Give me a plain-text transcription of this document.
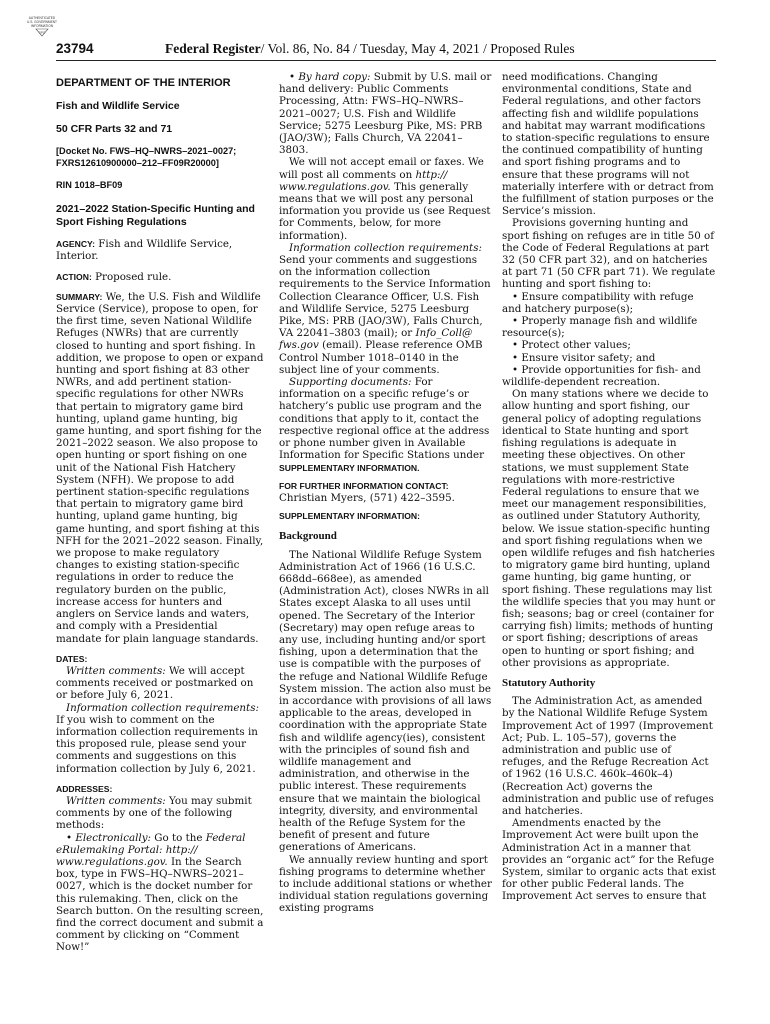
AUTHENTICATED
U.S. GOVERNMENT
INFORMATION
GPO
23794	Federal Register/ Vol. 86, No. 84 / Tuesday, May 4, 2021 / Proposed Rules
DEPARTMENT OF THE INTERIOR
Fish and Wildlife Service
50 CFR Parts 32 and 71
[Docket No. FWS–HQ–NWRS–2021–0027; FXRS12610900000–212–FF09R20000]
RIN 1018–BF09
2021–2022 Station-Specific Hunting and Sport Fishing Regulations

AGENCY: Fish and Wildlife Service, Interior.

ACTION: Proposed rule.

SUMMARY: We, the U.S. Fish and Wildlife Service (Service), propose to open, for the first time, seven National Wildlife Refuges (NWRs) that are currently closed to hunting and sport fishing. In addition, we propose to open or expand hunting and sport fishing at 83 other NWRs, and add pertinent station-specific regulations for other NWRs that pertain to migratory game bird hunting, upland game hunting, big game hunting, and sport fishing for the 2021–2022 season. We also propose to open hunting or sport fishing on one unit of the National Fish Hatchery System (NFH). We propose to add pertinent station-specific regulations that pertain to migratory game bird hunting, upland game hunting, big game hunting, and sport fishing at this NFH for the 2021–2022 season. Finally, we propose to make regulatory changes to existing station-specific regulations in order to reduce the regulatory burden on the public, increase access for hunters and anglers on Service lands and waters, and comply with a Presidential mandate for plain language standards.

DATES:

Written comments: We will accept comments received or postmarked on or before July 6, 2021.

Information collection requirements: If you wish to comment on the information collection requirements in this proposed rule, please send your comments and suggestions on this information collection by July 6, 2021.

ADDRESSES:

Written comments: You may submit comments by one of the following methods:

• Electronically: Go to the Federal eRulemaking Portal: http:// www.regulations.gov. In the Search box, type in FWS–HQ–NWRS–2021–0027, which is the docket number for this rulemaking. Then, click on the Search button. On the resulting screen, find the correct document and submit a comment by clicking on “Comment Now!”

• By hard copy: Submit by U.S. mail or hand delivery: Public Comments Processing, Attn: FWS–HQ–NWRS– 2021–0027; U.S. Fish and Wildlife Service; 5275 Leesburg Pike, MS: PRB (JAO/3W); Falls Church, VA 22041– 3803.

We will not accept email or faxes. We will post all comments on http:// www.regulations.gov. This generally means that we will post any personal information you provide us (see Request for Comments, below, for more information).

Information collection requirements: Send your comments and suggestions on the information collection requirements to the Service Information Collection Clearance Officer, U.S. Fish and Wildlife Service, 5275 Leesburg Pike, MS: PRB (JAO/3W), Falls Church, VA 22041–3803 (mail); or Info_Coll@ fws.gov (email). Please reference OMB Control Number 1018–0140 in the subject line of your comments.

Supporting documents: For information on a specific refuge’s or hatchery’s public use program and the conditions that apply to it, contact the respective regional office at the address or phone number given in Available Information for Specific Stations under SUPPLEMENTARY INFORMATION.

FOR FURTHER INFORMATION CONTACT:
Christian Myers, (571) 422–3595.

SUPPLEMENTARY INFORMATION:

Background

The National Wildlife Refuge System Administration Act of 1966 (16 U.S.C. 668dd–668ee), as amended (Administration Act), closes NWRs in all States except Alaska to all uses until opened. The Secretary of the Interior (Secretary) may open refuge areas to any use, including hunting and/or sport fishing, upon a determination that the use is compatible with the purposes of the refuge and National Wildlife Refuge System mission. The action also must be in accordance with provisions of all laws applicable to the areas, developed in coordination with the appropriate State fish and wildlife agency(ies), consistent with the principles of sound fish and wildlife management and administration, and otherwise in the public interest. These requirements ensure that we maintain the biological integrity, diversity, and environmental health of the Refuge System for the benefit of present and future generations of Americans.

We annually review hunting and sport fishing programs to determine whether to include additional stations or whether individual station regulations governing existing programs

need modifications. Changing environmental conditions, State and Federal regulations, and other factors affecting fish and wildlife populations and habitat may warrant modifications to station-specific regulations to ensure the continued compatibility of hunting and sport fishing programs and to ensure that these programs will not materially interfere with or detract from the fulfillment of station purposes or the Service’s mission.

Provisions governing hunting and sport fishing on refuges are in title 50 of the Code of Federal Regulations at part 32 (50 CFR part 32), and on hatcheries at part 71 (50 CFR part 71). We regulate hunting and sport fishing to:

• Ensure compatibility with refuge and hatchery purpose(s);

• Properly manage fish and wildlife resource(s);

• Protect other values;

• Ensure visitor safety; and

• Provide opportunities for fish- and wildlife-dependent recreation.

On many stations where we decide to allow hunting and sport fishing, our general policy of adopting regulations identical to State hunting and sport fishing regulations is adequate in meeting these objectives. On other stations, we must supplement State regulations with more-restrictive Federal regulations to ensure that we meet our management responsibilities, as outlined under Statutory Authority, below. We issue station-specific hunting and sport fishing regulations when we open wildlife refuges and fish hatcheries to migratory game bird hunting, upland game hunting, big game hunting, or sport fishing. These regulations may list the wildlife species that you may hunt or fish; seasons; bag or creel (container for carrying fish) limits; methods of hunting or sport fishing; descriptions of areas open to hunting or sport fishing; and other provisions as appropriate.

Statutory Authority

The Administration Act, as amended by the National Wildlife Refuge System Improvement Act of 1997 (Improvement Act; Pub. L. 105–57), governs the administration and public use of refuges, and the Refuge Recreation Act of 1962 (16 U.S.C. 460k–460k–4) (Recreation Act) governs the administration and public use of refuges and hatcheries.

Amendments enacted by the Improvement Act were built upon the Administration Act in a manner that provides an “organic act” for the Refuge System, similar to organic acts that exist for other public Federal lands. The Improvement Act serves to ensure that
